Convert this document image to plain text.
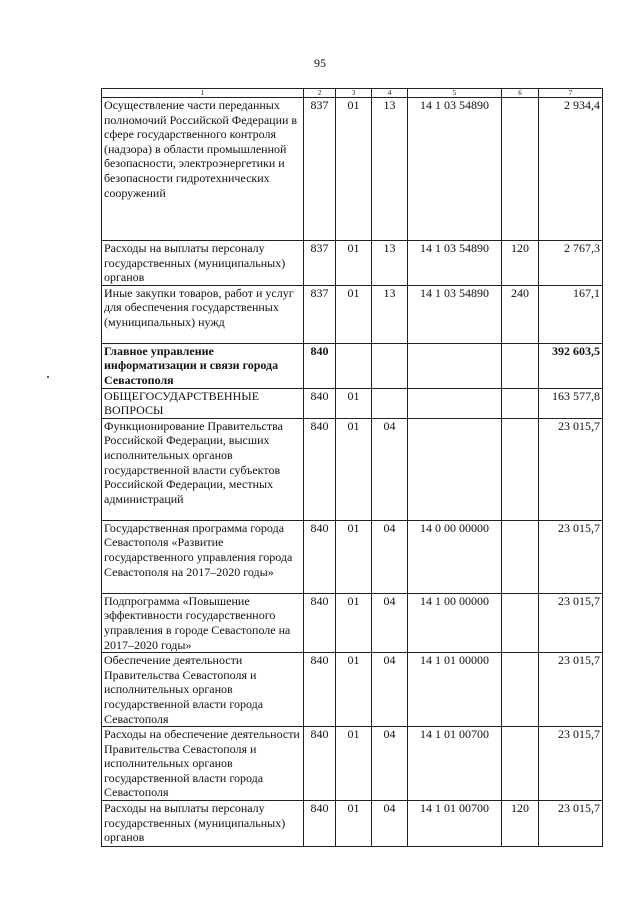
95
1	2	3	4	5	6	7
Осуществление части переданных полномочий Российской Федерации в сфере государственного контроля (надзора) в области промышленной безопасности, электроэнергетики и безопасности гидротехнических сооружений	837	01	13	14 1 03 54890		2 934,4
Расходы на выплаты персоналу государственных (муниципальных) органов	837	01	13	14 1 03 54890	120	2 767,3
Иные закупки товаров, работ и услуг для обеспечения государственных (муниципальных) нужд	837	01	13	14 1 03 54890	240	167,1
Главное управление информатизации и связи города Севастополя	840					392 603,5
ОБЩЕГОСУДАРСТВЕННЫЕ ВОПРОСЫ	840	01				163 577,8
Функционирование Правительства Российской Федерации, высших исполнительных органов государственной власти субъектов Российской Федерации, местных администраций	840	01	04			23 015,7
Государственная программа города Севастополя «Развитие государственного управления города Севастополя на 2017–2020 годы»	840	01	04	14 0 00 00000		23 015,7
Подпрограмма «Повышение эффективности государственного управления в городе Севастополе на 2017–2020 годы»	840	01	04	14 1 00 00000		23 015,7
Обеспечение деятельности Правительства Севастополя и исполнительных органов государственной власти города Севастополя	840	01	04	14 1 01 00000		23 015,7
Расходы на обеспечение деятельности Правительства Севастополя и исполнительных органов государственной власти города Севастополя	840	01	04	14 1 01 00700		23 015,7
Расходы на выплаты персоналу государственных (муниципальных) органов	840	01	04	14 1 01 00700	120	23 015,7
